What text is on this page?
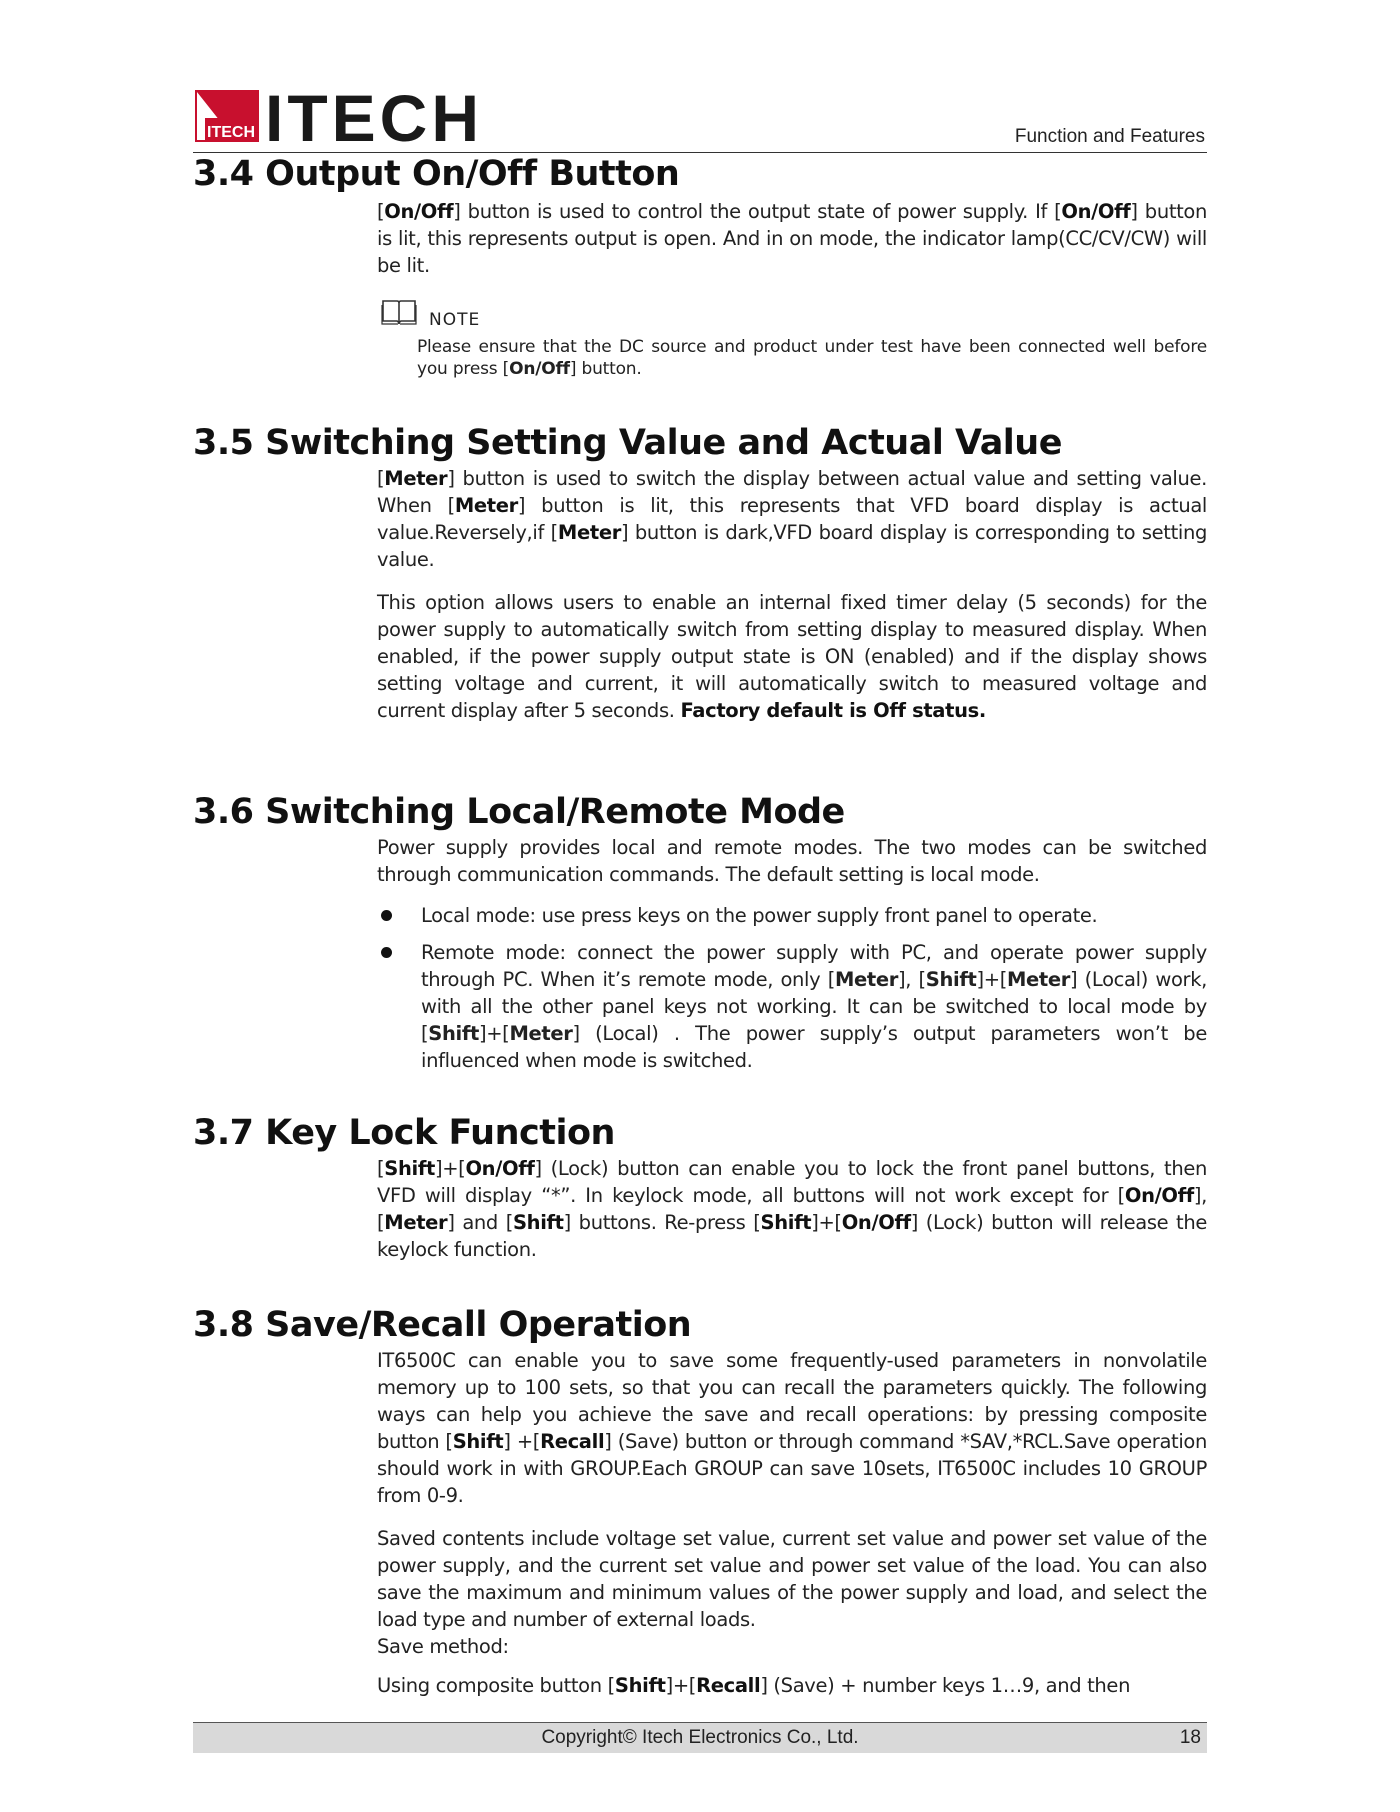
ITECH ITECH	Function and Features
3.4 Output On/Off Button

[On/Off] button is used to control the output state of power supply. If [On/Off] button is lit, this represents output is open. And in on mode, the indicator lamp(CC/CV/CW) will be lit.

NOTE

Please ensure that the DC source and product under test have been connected well before you press [On/Off] button.

3.5 Switching Setting Value and Actual Value

[Meter] button is used to switch the display between actual value and setting value. When [Meter] button is lit, this represents that VFD board display is actual value.Reversely,if [Meter] button is dark,VFD board display is corresponding to setting value.

This option allows users to enable an internal fixed timer delay (5 seconds) for the power supply to automatically switch from setting display to measured display. When enabled, if the power supply output state is ON (enabled) and if the display shows setting voltage and current, it will automatically switch to measured voltage and current display after 5 seconds. Factory default is Off status.

3.6 Switching Local/Remote Mode

Power supply provides local and remote modes. The two modes can be switched through communication commands. The default setting is local mode.

Local mode: use press keys on the power supply front panel to operate.
Remote mode: connect the power supply with PC, and operate power supply through PC. When it’s remote mode, only [Meter], [Shift]+[Meter] (Local) work, with all the other panel keys not working. It can be switched to local mode by [Shift]+[Meter] (Local) . The power supply’s output parameters won’t be influenced when mode is switched.
3.7 Key Lock Function

[Shift]+[On/Off] (Lock) button can enable you to lock the front panel buttons, then VFD will display “*”. In keylock mode, all buttons will not work except for [On/Off], [Meter] and [Shift] buttons. Re-press [Shift]+[On/Off] (Lock) button will release the keylock function.

3.8 Save/Recall Operation

IT6500C can enable you to save some frequently-used parameters in nonvolatile memory up to 100 sets, so that you can recall the parameters quickly. The following ways can help you achieve the save and recall operations: by pressing composite button [Shift] +[Recall] (Save) button or through command *SAV,*RCL.Save operation should work in with GROUP.Each GROUP can save 10sets, IT6500C includes 10 GROUP from 0-9.

Saved contents include voltage set value, current set value and power set value of the power supply, and the current set value and power set value of the load. You can also save the maximum and minimum values of the power supply and load, and select the load type and number of external loads.

Save method:

Using composite button [Shift]+[Recall] (Save) + number keys 1…9, and then

Copyright© Itech Electronics Co., Ltd.	18
